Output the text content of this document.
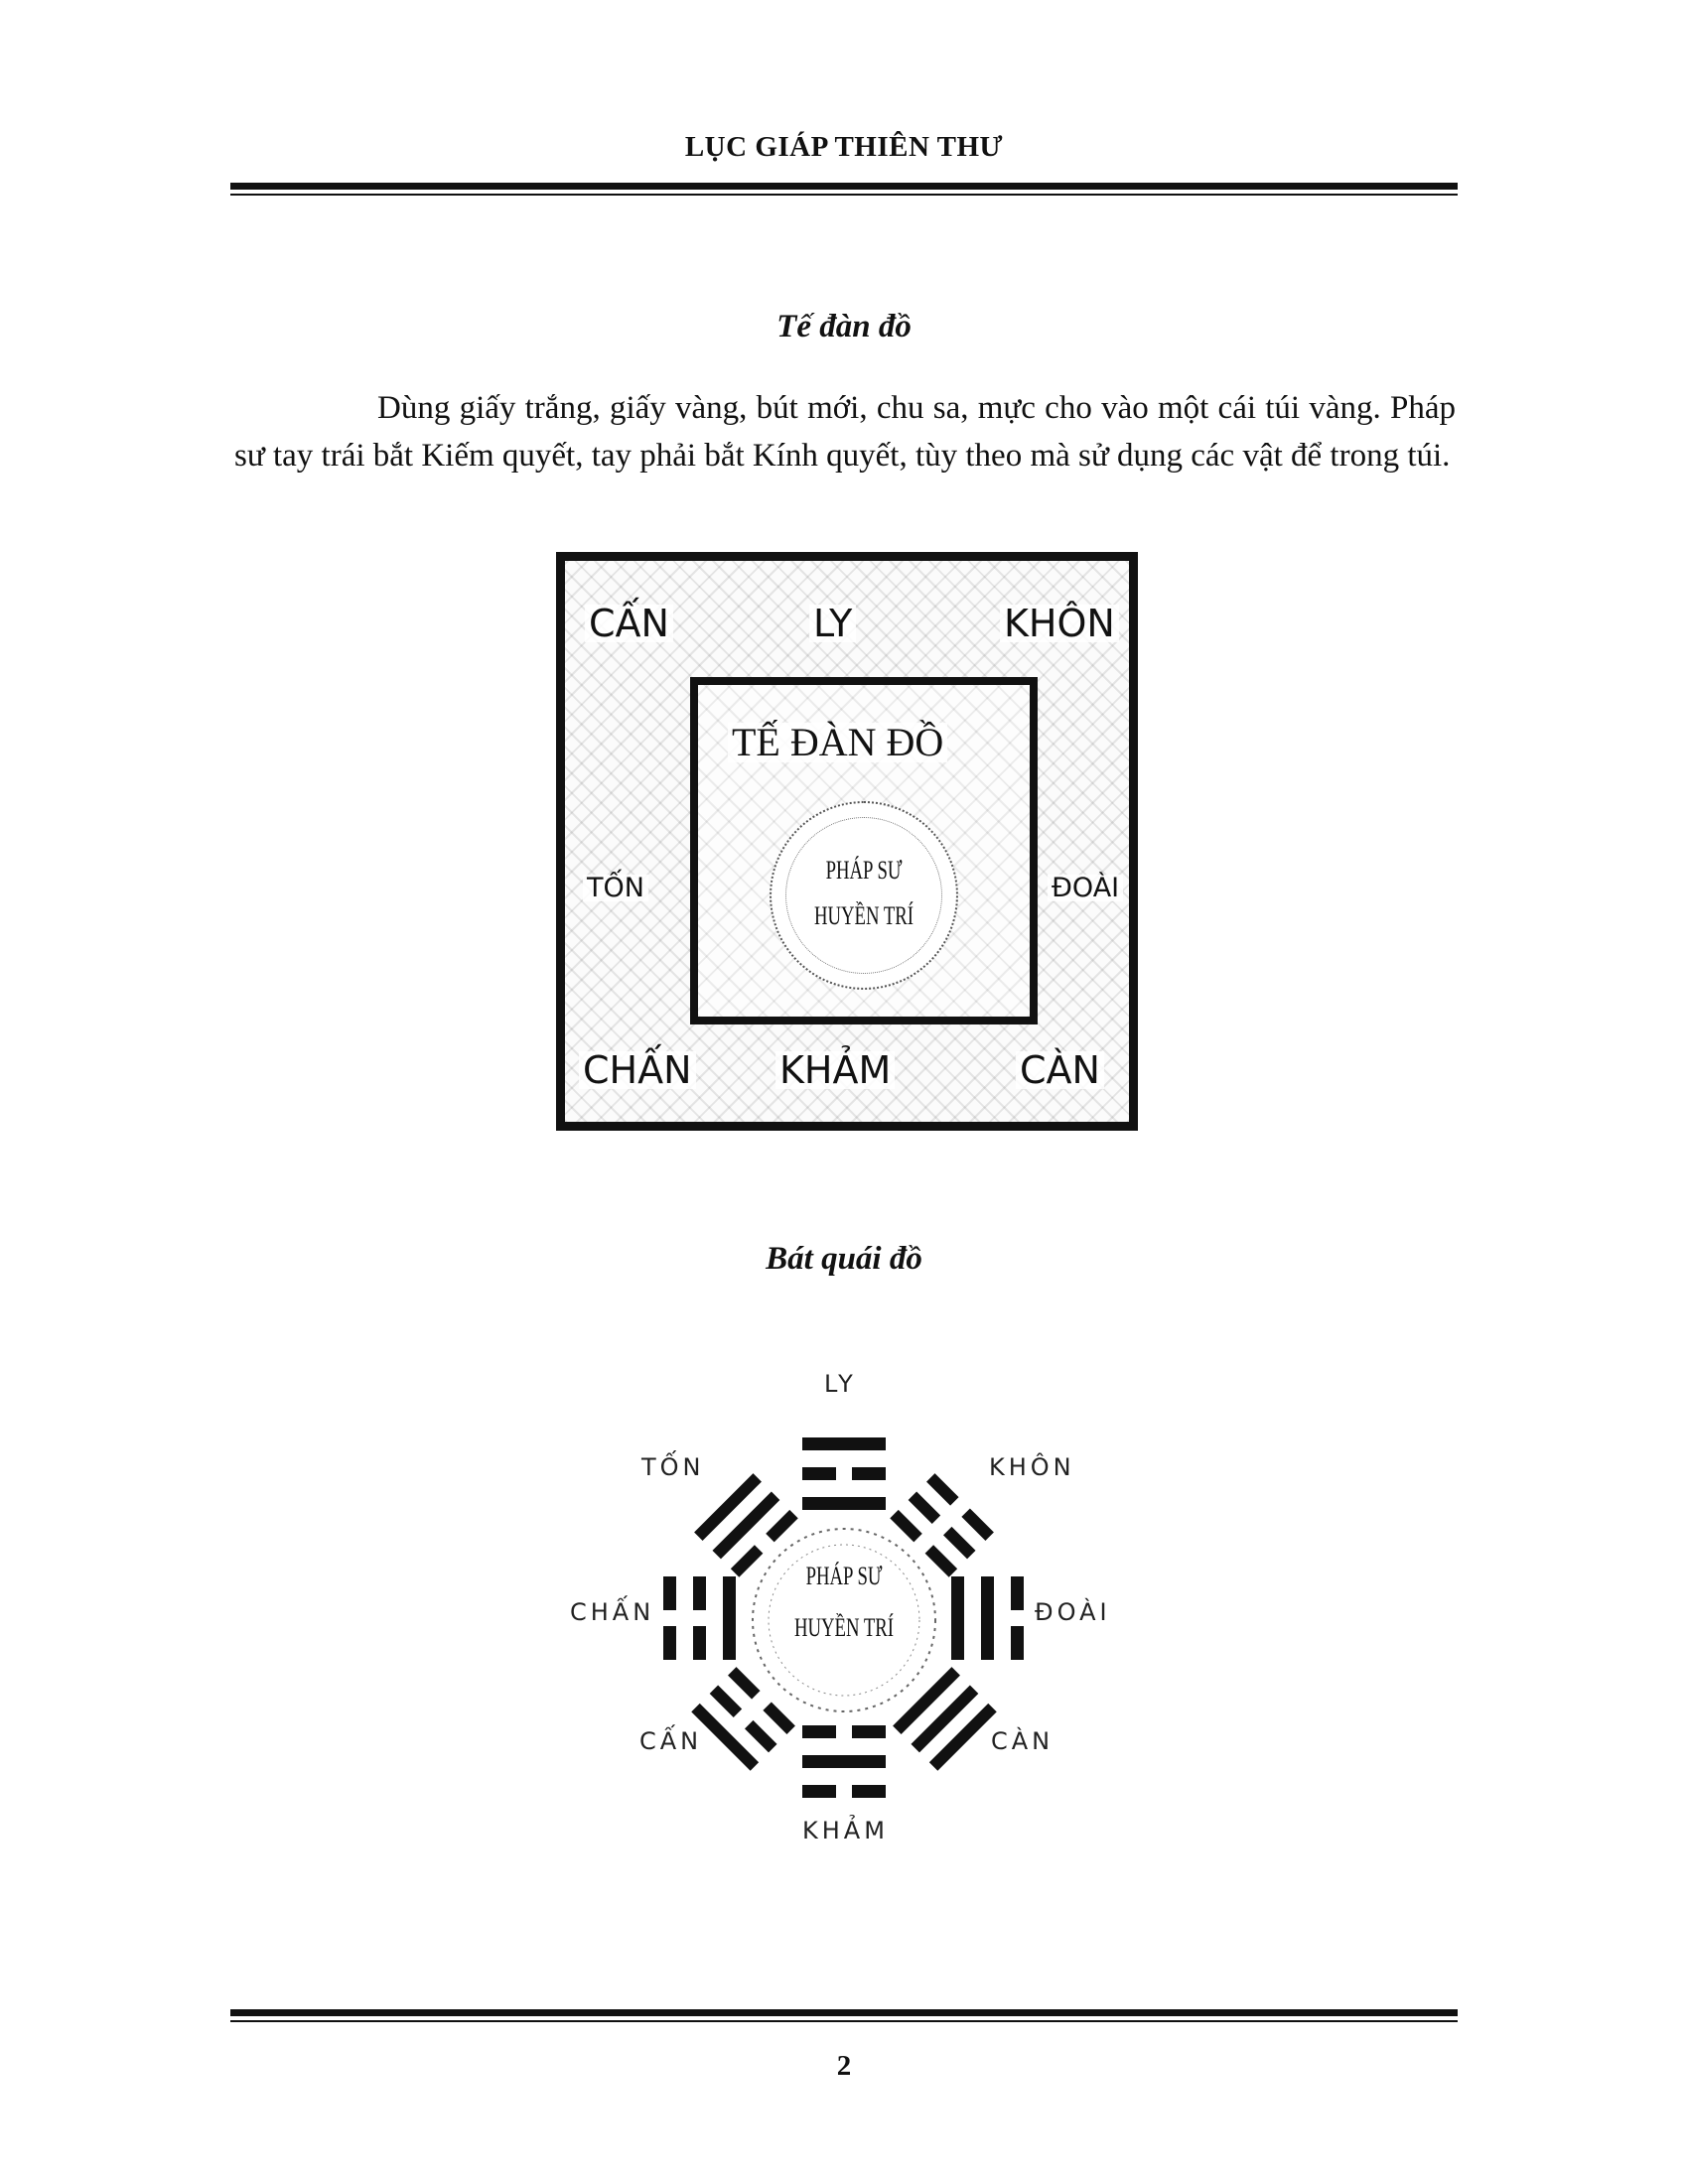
LỤC GIÁP THIÊN THƯ
Tế đàn đồ
Dùng giấy trắng, giấy vàng, bút mới, chu sa, mực cho vào một cái túi vàng. Pháp sư tay trái bắt Kiếm quyết, tay phải bắt Kính quyết, tùy theo mà sử dụng các vật để trong túi.
CẤN	LY	KHÔN
TỐN	ĐOÀI
CHẤN KHẢM	CÀN
TẾ ĐÀN ĐỒ
PHÁP SƯ
HUYỀN TRÍ
Bát quái đồ
LY
TỐN	KHÔN
CHẤN	ĐOÀI
CẤN	CÀN
KHẢM
PHÁP SƯ
HUYỀN TRÍ
2
